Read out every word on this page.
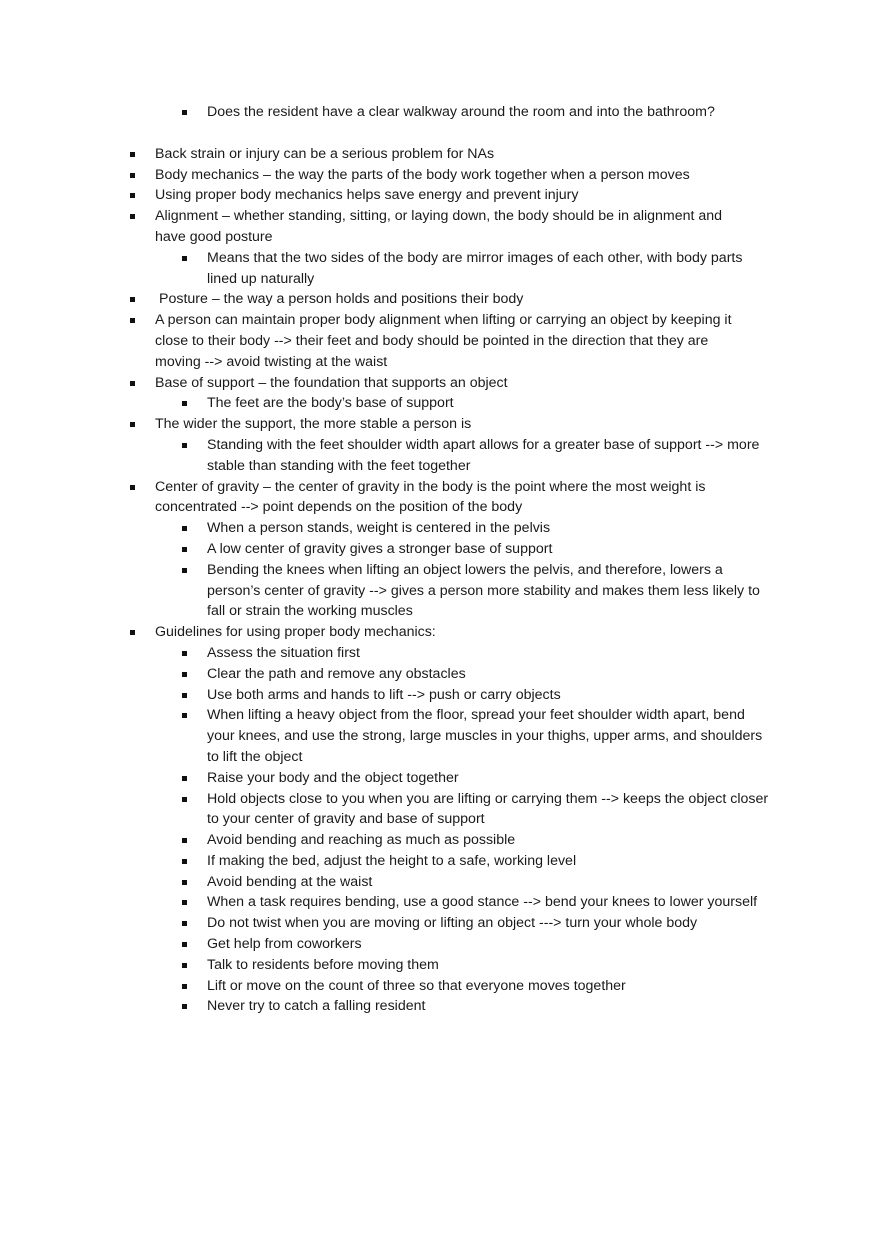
Does the resident have a clear walkway around the room and into the bathroom?
Back strain or injury can be a serious problem for NAs
Body mechanics – the way the parts of the body work together when a person moves
Using proper body mechanics helps save energy and prevent injury
Alignment – whether standing, sitting, or laying down, the body should be in alignment and have good posture
Means that the two sides of the body are mirror images of each other, with body parts lined up naturally
Posture – the way a person holds and positions their body
A person can maintain proper body alignment when lifting or carrying an object by keeping it close to their body --> their feet and body should be pointed in the direction that they are moving --> avoid twisting at the waist
Base of support – the foundation that supports an object
The feet are the body’s base of support
The wider the support, the more stable a person is
Standing with the feet shoulder width apart allows for a greater base of support --> more stable than standing with the feet together
Center of gravity – the center of gravity in the body is the point where the most weight is concentrated --> point depends on the position of the body
When a person stands, weight is centered in the pelvis
A low center of gravity gives a stronger base of support
Bending the knees when lifting an object lowers the pelvis, and therefore, lowers a person’s center of gravity --> gives a person more stability and makes them less likely to fall or strain the working muscles
Guidelines for using proper body mechanics:
Assess the situation first
Clear the path and remove any obstacles
Use both arms and hands to lift --> push or carry objects
When lifting a heavy object from the floor, spread your feet shoulder width apart, bend your knees, and use the strong, large muscles in your thighs, upper arms, and shoulders to lift the object
Raise your body and the object together
Hold objects close to you when you are lifting or carrying them --> keeps the object closer to your center of gravity and base of support
Avoid bending and reaching as much as possible
If making the bed, adjust the height to a safe, working level
Avoid bending at the waist
When a task requires bending, use a good stance --> bend your knees to lower yourself
Do not twist when you are moving or lifting an object ---> turn your whole body
Get help from coworkers
Talk to residents before moving them
Lift or move on the count of three so that everyone moves together
Never try to catch a falling resident
